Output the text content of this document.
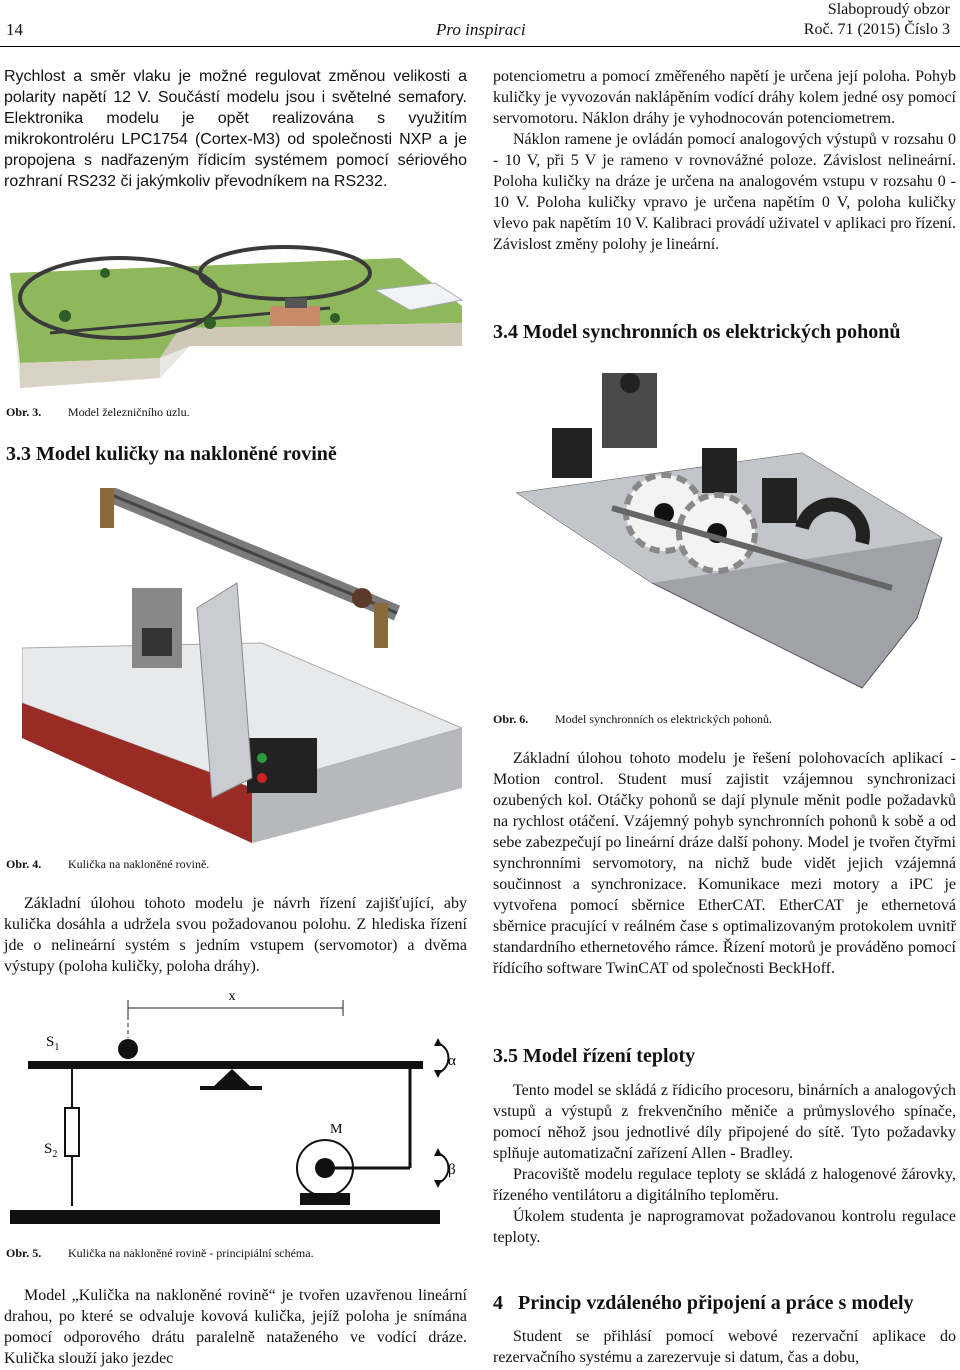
14	Pro inspiraci
Slaboproudý obzor
Roč. 71 (2015) Číslo 3

Rychlost a směr vlaku je možné regulovat změnou velikosti a polarity napětí 12 V. Součástí modelu jsou i světelné semafory. Elektronika modelu je opět realizována s využitím mikrokontroléru LPC1754 (Cortex-M3) od společnosti NXP a je propojena s nadřazeným řídicím systémem pomocí sériového rozhraní RS232 či jakýmkoliv převodníkem na RS232.

Obr. 3. Model železničního uzlu.
3.3 Model kuličky na nakloněné rovině
Obr. 4. Kulička na nakloněné rovině.

Základní úlohou tohoto modelu je návrh řízení zajišťující, aby kulička dosáhla a udržela svou požadovanou polohu. Z hlediska řízení jde o nelineární systém s jedním vstupem (servomotor) a dvěma výstupy (poloha kuličky, poloha dráhy).

x
$S_1$
$S_2$
M
α
β
Obr. 5. Kulička na nakloněné rovině - principiální schéma.

Model „Kulička na nakloněné rovině“ je tvořen uzavřenou lineární drahou, po které se odvaluje kovová kulička, jejíž poloha je snímána pomocí odporového drátu paralelně nataženého ve vodící dráze. Kulička slouží jako jezdec

potenciometru a pomocí změřeného napětí je určena její poloha. Pohyb kuličky je vyvozován naklápěním vodící dráhy kolem jedné osy pomocí servomotoru. Náklon dráhy je vyhodnocován potenciometrem.

Náklon ramene je ovládán pomocí analogových výstupů v rozsahu 0 - 10 V, při 5 V je rameno v rovnovážné poloze. Závislost nelineární. Poloha kuličky na dráze je určena na analogovém vstupu v rozsahu 0 - 10 V. Poloha kuličky vpravo je určena napětím 0 V, poloha kuličky vlevo pak napětím 10 V. Kalibraci provádí uživatel v aplikaci pro řízení. Závislost změny polohy je lineární.

3.4 Model synchronních os elektrických pohonů
Obr. 6. Model synchronních os elektrických pohonů.

Základní úlohou tohoto modelu je řešení polohovacích aplikací - Motion control. Student musí zajistit vzájemnou synchronizaci ozubených kol. Otáčky pohonů se dají plynule měnit podle požadavků na rychlost otáčení. Vzájemný pohyb synchronních pohonů k sobě a od sebe zabezpečují po lineární dráze další pohony. Model je tvořen čtyřmi synchronními servomotory, na nichž bude vidět jejich vzájemná součinnost a synchronizace. Komunikace mezi motory a iPC je vytvořena pomocí sběrnice EtherCAT. EtherCAT je ethernetová sběrnice pracující v reálném čase s optimalizovaným protokolem uvnitř standardního ethernetového rámce. Řízení motorů je prováděno pomocí řídícího software TwinCAT od společnosti BeckHoff.

3.5 Model řízení teploty

Tento model se skládá z řídicího procesoru, binárních a analogových vstupů a výstupů z frekvenčního měniče a průmyslového spínače, pomocí něhož jsou jednotlivé díly připojené do sítě. Tyto požadavky splňuje automatizační zařízení Allen - Bradley.

Pracoviště modelu regulace teploty se skládá z halogenové žárovky, řízeného ventilátoru a digitálního teploměru.

Úkolem studenta je naprogramovat požadovanou kontrolu regulace teploty.

4   Princip vzdáleného připojení a práce s modely

Student se přihlásí pomocí webové rezervační aplikace do rezervačního systému a zarezervuje si datum, čas a dobu,
